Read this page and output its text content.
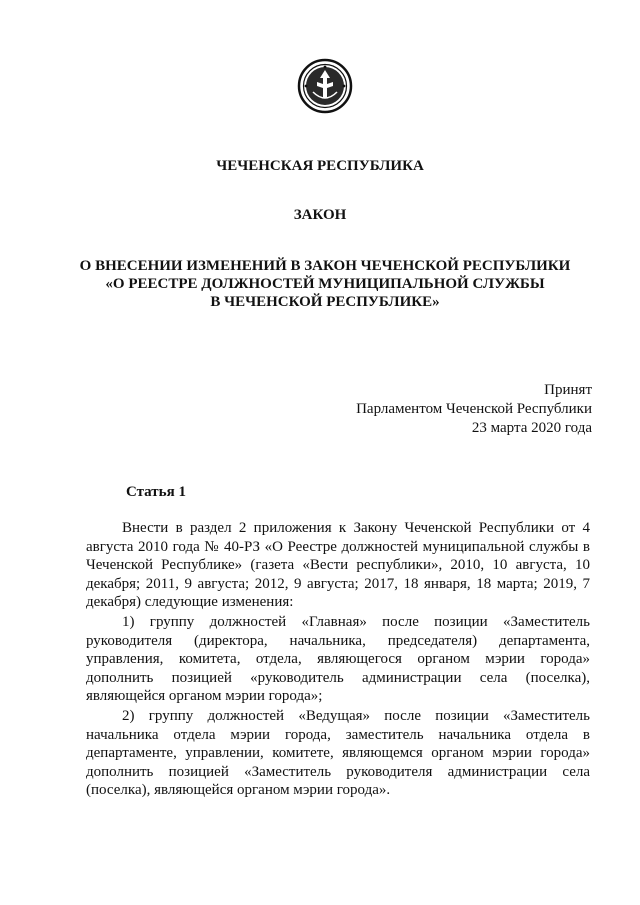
ЧЕЧЕНСКАЯ РЕСПУБЛИКА
ЗАКОН
О ВНЕСЕНИИ ИЗМЕНЕНИЙ В ЗАКОН ЧЕЧЕНСКОЙ РЕСПУБЛИКИ
«О РЕЕСТРЕ ДОЛЖНОСТЕЙ МУНИЦИПАЛЬНОЙ СЛУЖБЫ
В ЧЕЧЕНСКОЙ РЕСПУБЛИКЕ»
Принят
Парламентом Чеченской Республики
23 марта 2020 года
Статья 1

Внести в раздел 2 приложения к Закону Чеченской Республики от 4 августа 2010 года № 40-РЗ «О Реестре должностей муниципальной службы в Чеченской Республике» (газета «Вести республики», 2010, 10 августа, 10 декабря; 2011, 9 августа; 2012, 9 августа; 2017, 18 января, 18 марта; 2019, 7 декабря) следующие изменения:

1) группу должностей «Главная» после позиции «Заместитель руководителя (директора, начальника, председателя) департамента, управления, комитета, отдела, являющегося органом мэрии города» дополнить позицией «руководитель администрации села (поселка), являющейся органом мэрии города»;

2) группу должностей «Ведущая» после позиции «Заместитель начальника отдела мэрии города, заместитель начальника отдела в департаменте, управлении, комитете, являющемся органом мэрии города» дополнить позицией «Заместитель руководителя администрации села (поселка), являющейся органом мэрии города».
